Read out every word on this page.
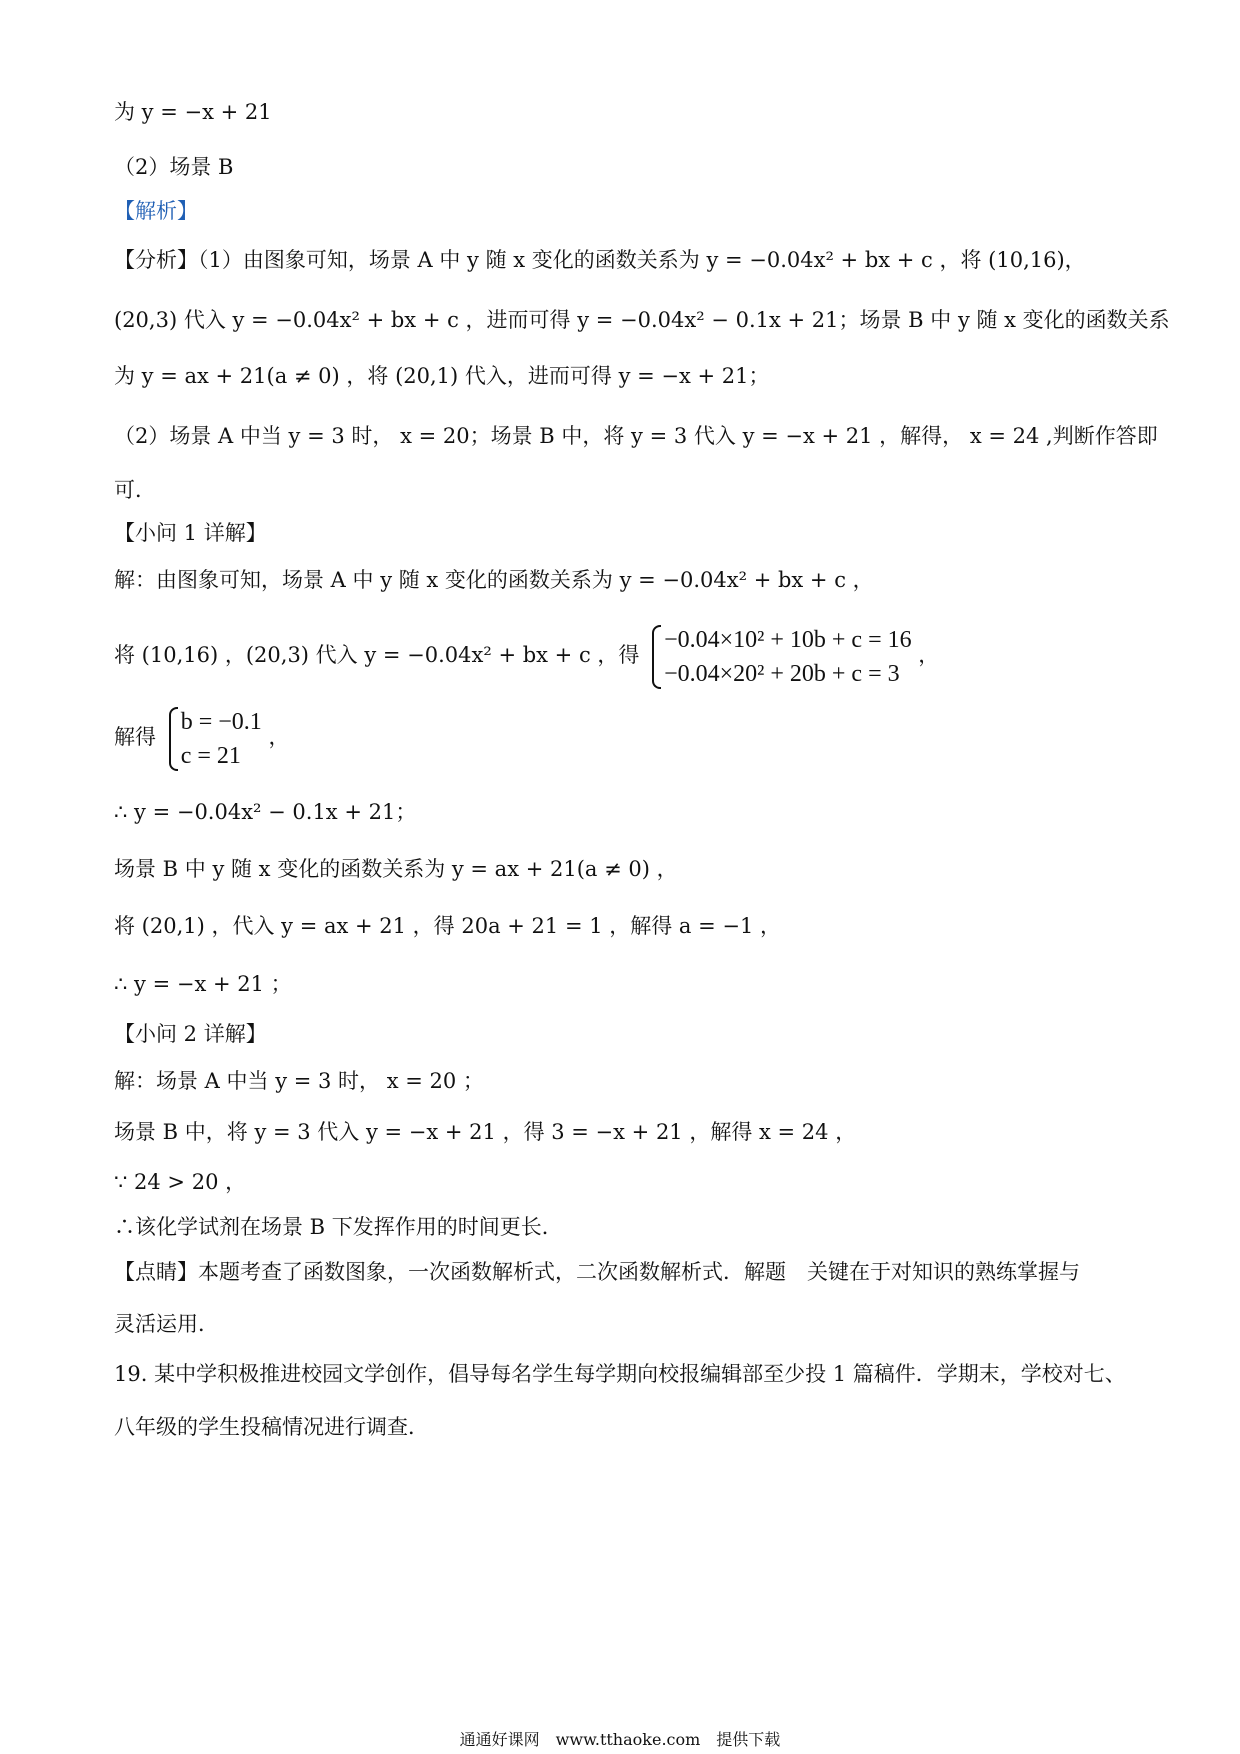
为 y = −x + 21
（2）场景 B
【解析】
【分析】（1）由图象可知，场景 A 中 y 随 x 变化的函数关系为 y = −0.04x² + bx + c ，将 (10,16)，
(20,3) 代入 y = −0.04x² + bx + c ，进而可得 y = −0.04x² − 0.1x + 21；场景 B 中 y 随 x 变化的函数关系
为 y = ax + 21(a ≠ 0) ，将 (20,1) 代入，进而可得 y = −x + 21；
（2）场景 A 中当 y = 3 时， x = 20；场景 B 中，将 y = 3 代入 y = −x + 21 ，解得， x = 24 ,判断作答即
可．
【小问 1 详解】
解：由图象可知，场景 A 中 y 随 x 变化的函数关系为 y = −0.04x² + bx + c ，
将 (10,16) ，(20,3) 代入 y = −0.04x² + bx + c ，得
−0.04×10² + 10b + c = 16
−0.04×20² + 20b + c = 3
，
解得
b = −0.1
c = 21
，
∴ y = −0.04x² − 0.1x + 21；
场景 B 中 y 随 x 变化的函数关系为 y = ax + 21(a ≠ 0) ，
将 (20,1) ，代入 y = ax + 21 ，得 20a + 21 = 1 ，解得 a = −1 ，
∴ y = −x + 21 ；
【小问 2 详解】
解：场景 A 中当 y = 3 时， x = 20 ；
场景 B 中，将 y = 3 代入 y = −x + 21 ，得 3 = −x + 21 ，解得 x = 24 ，
∵ 24 > 20 ，
∴该化学试剂在场景 B 下发挥作用的时间更长．
【点睛】本题考查了函数图象，一次函数解析式，二次函数解析式．解题　关键在于对知识的熟练掌握与
灵活运用．
19. 某中学积极推进校园文学创作，倡导每名学生每学期向校报编辑部至少投 1 篇稿件．学期末，学校对七、
八年级的学生投稿情况进行调查．
通通好课网　www.tthaoke.com　提供下载
